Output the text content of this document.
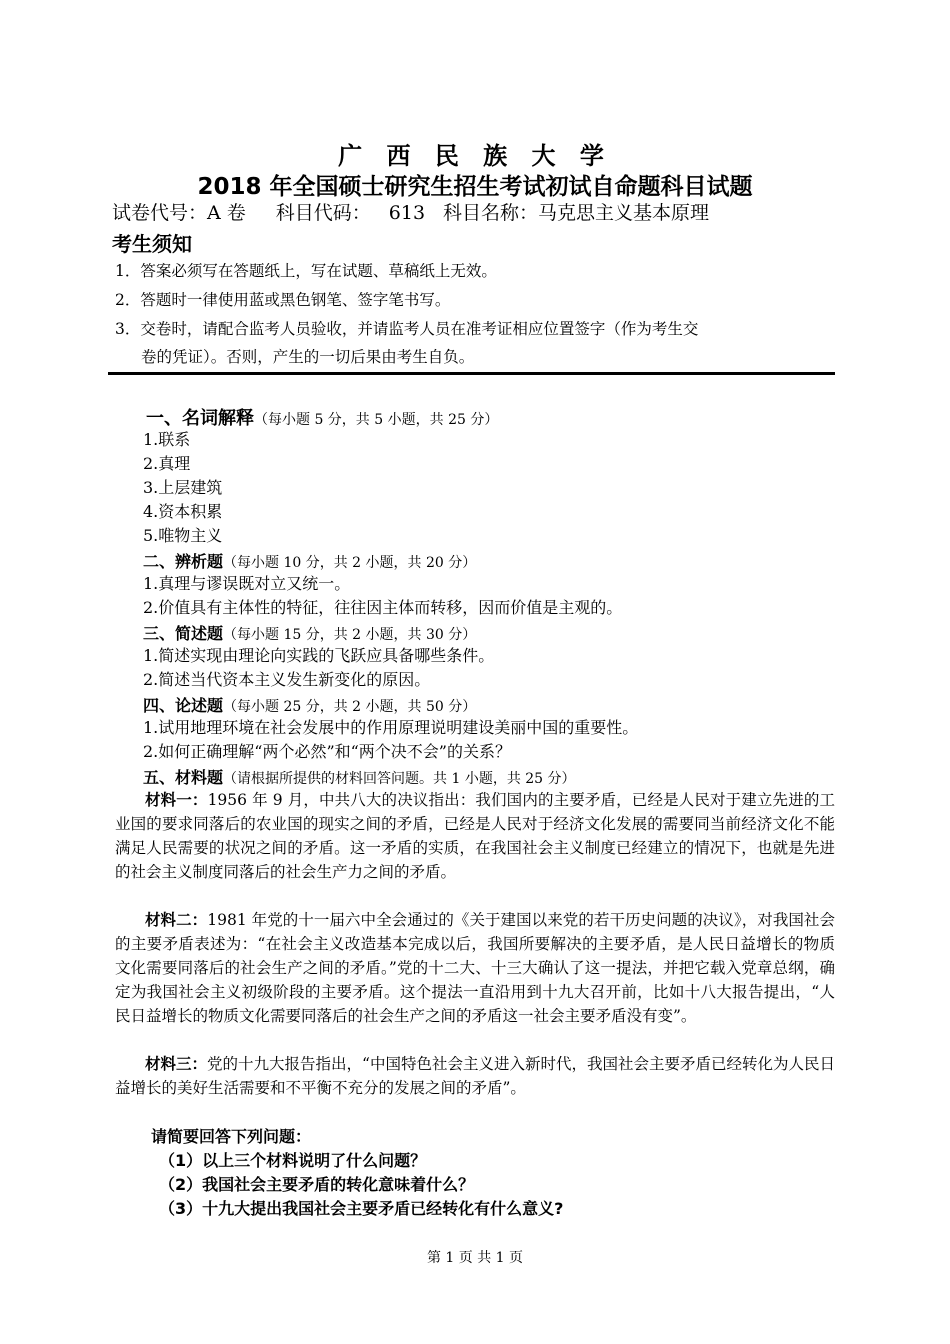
广 西 民 族 大 学
2018 年全国硕士研究生招生考试初试自命题科目试题
试卷代号：A 卷 科目代码： 613 科目名称：马克思主义基本原理
考生须知
1．答案必须写在答题纸上，写在试题、草稿纸上无效。
2．答题时一律使用蓝或黑色钢笔、签字笔书写。
3．交卷时，请配合监考人员验收，并请监考人员在准考证相应位置签字（作为考生交
卷的凭证）。否则，产生的一切后果由考生自负。
一、名词解释（每小题 5 分，共 5 小题，共 25 分）
1.联系
2.真理
3.上层建筑
4.资本积累
5.唯物主义
二、辨析题（每小题 10 分，共 2 小题，共 20 分）
1.真理与谬误既对立又统一。
2.价值具有主体性的特征，往往因主体而转移，因而价值是主观的。
三、简述题（每小题 15 分，共 2 小题，共 30 分）
1.简述实现由理论向实践的飞跃应具备哪些条件。
2.简述当代资本主义发生新变化的原因。
四、论述题（每小题 25 分，共 2 小题，共 50 分）
1.试用地理环境在社会发展中的作用原理说明建设美丽中国的重要性。
2.如何正确理解“两个必然”和“两个决不会”的关系？
五、材料题（请根据所提供的材料回答问题。共 1 小题，共 25 分）
材料一：1956 年 9 月，中共八大的决议指出：我们国内的主要矛盾，已经是人民对于建立先进的工业国的要求同落后的农业国的现实之间的矛盾，已经是人民对于经济文化发展的需要同当前经济文化不能满足人民需要的状况之间的矛盾。这一矛盾的实质，在我国社会主义制度已经建立的情况下，也就是先进的社会主义制度同落后的社会生产力之间的矛盾。
材料二：1981 年党的十一届六中全会通过的《关于建国以来党的若干历史问题的决议》，对我国社会的主要矛盾表述为：“在社会主义改造基本完成以后，我国所要解决的主要矛盾，是人民日益增长的物质文化需要同落后的社会生产之间的矛盾。”党的十二大、十三大确认了这一提法，并把它载入党章总纲，确定为我国社会主义初级阶段的主要矛盾。这个提法一直沿用到十九大召开前，比如十八大报告提出，“人民日益增长的物质文化需要同落后的社会生产之间的矛盾这一社会主要矛盾没有变”。
材料三：党的十九大报告指出，“中国特色社会主义进入新时代，我国社会主要矛盾已经转化为人民日益增长的美好生活需要和不平衡不充分的发展之间的矛盾”。
请简要回答下列问题：
（1）以上三个材料说明了什么问题？
（2）我国社会主要矛盾的转化意味着什么？
（3）十九大提出我国社会主要矛盾已经转化有什么意义?
第 1 页 共 1 页
